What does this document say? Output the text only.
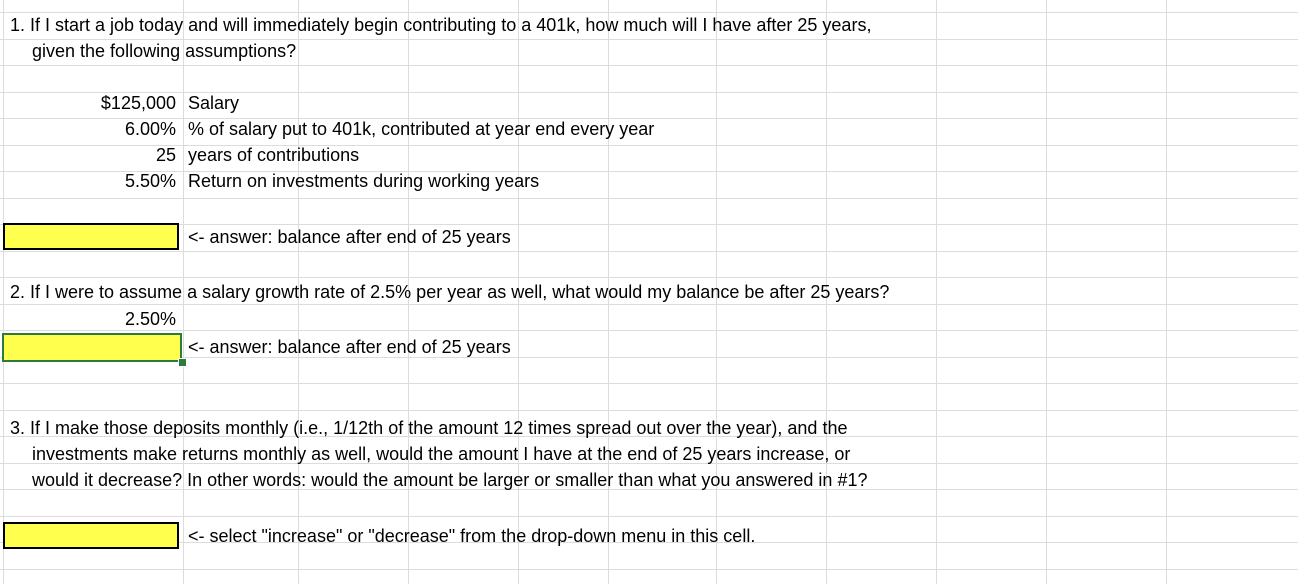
1. If I start a job today and will immediately begin contributing to a 401k, how much will I have after 25 years,
given the following assumptions?
$125,000 Salary
6.00% % of salary put to 401k, contributed at year end every year
25 years of contributions
5.50% Return on investments during working years
<- answer: balance after end of 25 years
2. If I were to assume a salary growth rate of 2.5% per year as well, what would my balance be after 25 years?
2.50%
<- answer: balance after end of 25 years
3. If I make those deposits monthly (i.e., 1/12th of the amount 12 times spread out over the year), and the
investments make returns monthly as well, would the amount I have at the end of 25 years increase, or
would it decrease? In other words: would the amount be larger or smaller than what you answered in #1?
<- select "increase" or "decrease" from the drop-down menu in this cell.
